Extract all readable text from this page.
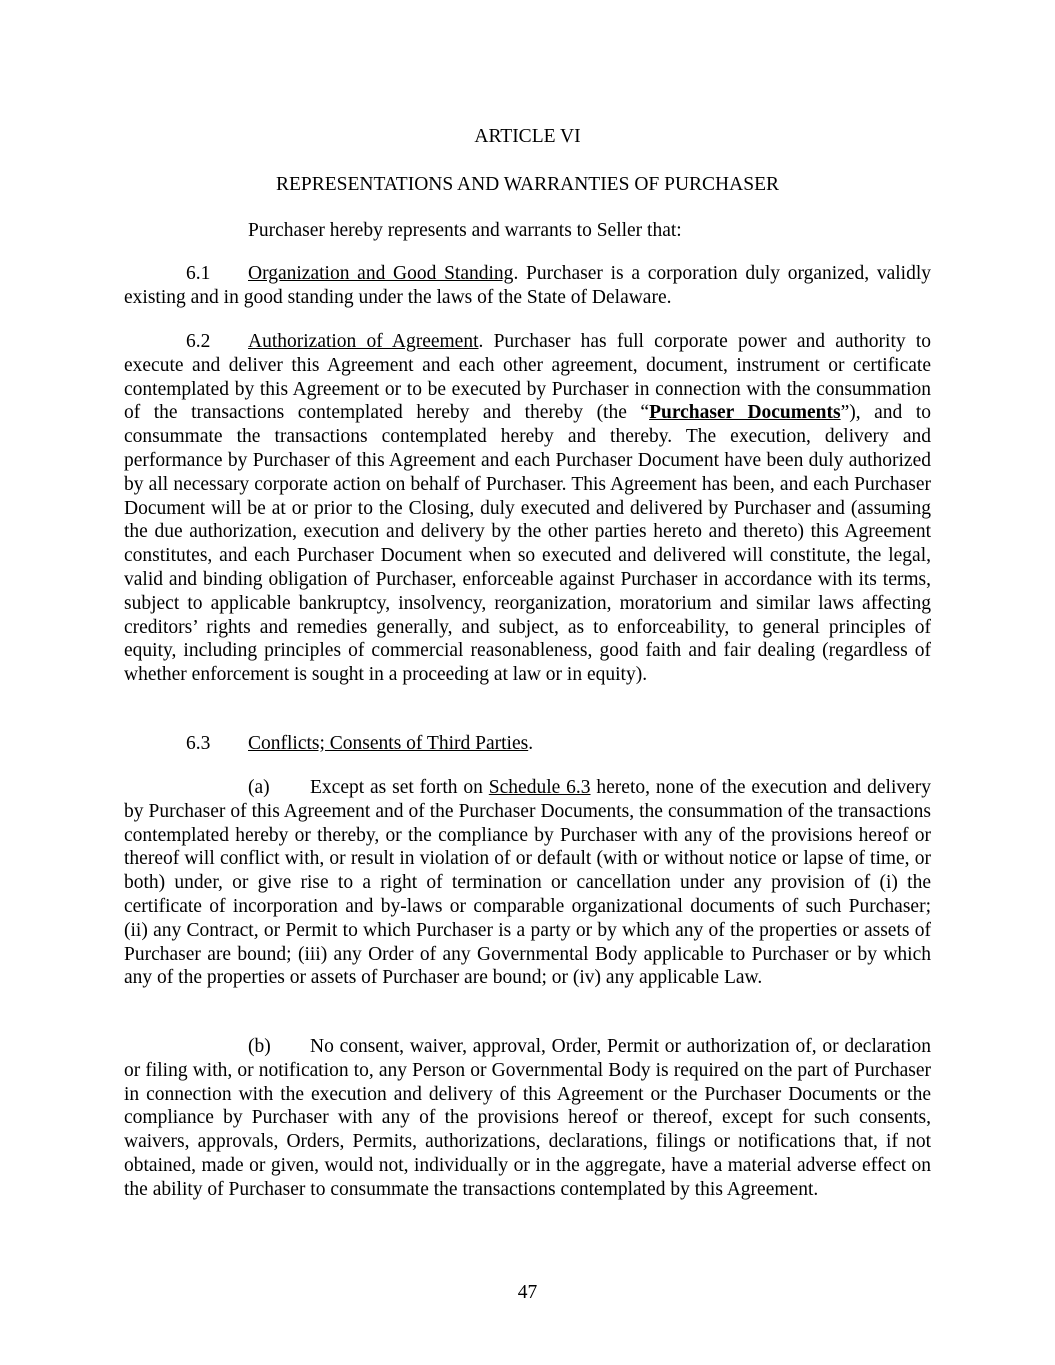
ARTICLE VI

REPRESENTATIONS AND WARRANTIES OF PURCHASER

Purchaser hereby represents and warrants to Seller that:

6.1 Organization and Good Standing. Purchaser is a corporation duly organized, validly existing and in good standing under the laws of the State of Delaware.

6.2 Authorization of Agreement. Purchaser has full corporate power and authority to execute and deliver this Agreement and each other agreement, document, instrument or certificate contemplated by this Agreement or to be executed by Purchaser in connection with the consummation of the transactions contemplated hereby and thereby (the “Purchaser Documents”), and to consummate the transactions contemplated hereby and thereby. The execution, delivery and performance by Purchaser of this Agreement and each Purchaser Document have been duly authorized by all necessary corporate action on behalf of Purchaser. This Agreement has been, and each Purchaser Document will be at or prior to the Closing, duly executed and delivered by Purchaser and (assuming the due authorization, execution and delivery by the other parties hereto and thereto) this Agreement constitutes, and each Purchaser Document when so executed and delivered will constitute, the legal, valid and binding obligation of Purchaser, enforceable against Purchaser in accordance with its terms, subject to applicable bankruptcy, insolvency, reorganization, moratorium and similar laws affecting creditors’ rights and remedies generally, and subject, as to enforceability, to general principles of equity, including principles of commercial reasonableness, good faith and fair dealing (regardless of whether enforcement is sought in a proceeding at law or in equity).

6.3 Conflicts; Consents of Third Parties.

(a) Except as set forth on Schedule 6.3 hereto, none of the execution and delivery by Purchaser of this Agreement and of the Purchaser Documents, the consummation of the transactions contemplated hereby or thereby, or the compliance by Purchaser with any of the provisions hereof or thereof will conflict with, or result in violation of or default (with or without notice or lapse of time, or both) under, or give rise to a right of termination or cancellation under any provision of (i) the certificate of incorporation and by-laws or comparable organizational documents of such Purchaser; (ii) any Contract, or Permit to which Purchaser is a party or by which any of the properties or assets of Purchaser are bound; (iii) any Order of any Governmental Body applicable to Purchaser or by which any of the properties or assets of Purchaser are bound; or (iv) any applicable Law.

(b) No consent, waiver, approval, Order, Permit or authorization of, or declaration or filing with, or notification to, any Person or Governmental Body is required on the part of Purchaser in connection with the execution and delivery of this Agreement or the Purchaser Documents or the compliance by Purchaser with any of the provisions hereof or thereof, except for such consents, waivers, approvals, Orders, Permits, authorizations, declarations, filings or notifications that, if not obtained, made or given, would not, individually or in the aggregate, have a material adverse effect on the ability of Purchaser to consummate the transactions contemplated by this Agreement.

47
